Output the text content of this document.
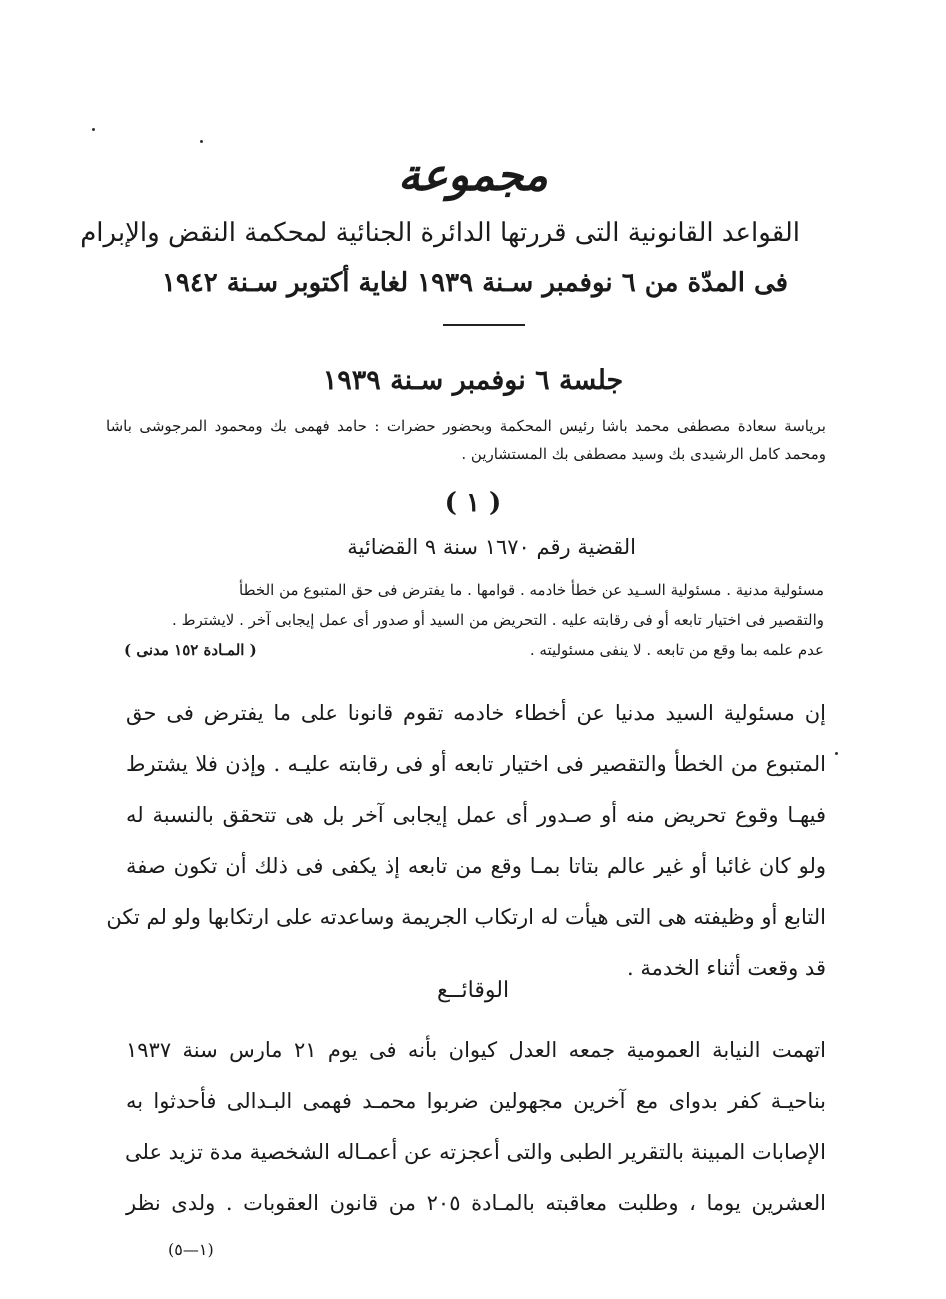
مجموعة
القواعد القانونية التى قررتها الدائرة الجنائية لمحكمة النقض والإبرام
فى المدّة من ٦ نوفمبر سـنة ١٩٣٩ لغاية أكتوبر سـنة ١٩٤٢
جلسة ٦ نوفمبر سـنة ١٩٣٩
برياسة سعادة مصطفى محمد باشا رئيس المحكمة وبحضور حضرات : حامد فهمى بك ومحمود المرجوشى باشا ومحمد كامل الرشيدى بك وسيد مصطفى بك المستشارين .
( ١ )
القضية رقم ١٦٧٠ سنة ٩ القضائية
مسئولية مدنية . مسئولية السـيد عن خطأ خادمه . قوامها . ما يفترض فى حق المتبوع من الخطأ
والتقصير فى اختيار تابعه أو فى رقابته عليه . التحريض من السيد أو صدور أى عمل إيجابى آخر . لايشترط .
عدم علمه بما وقع من تابعه . لا ينفى مسئوليته .
( المـادة ١٥٢ مدنى )
إن مسئولية السيد مدنيا عن أخطاء خادمه تقوم قانونا على ما يفترض فى حق
المتبوع من الخطأ والتقصير فى اختيار تابعه أو فى رقابته عليـه . وإذن فلا يشترط
فيهـا وقوع تحريض منه أو صـدور أى عمل إيجابى آخر بل هى تتحقق بالنسبة له
ولو كان غائبا أو غير عالم بتاتا بمـا وقع من تابعه إذ يكفى فى ذلك أن تكون صفة
التابع أو وظيفته هى التى هيأت له ارتكاب الجريمة وساعدته على ارتكابها ولو لم تكن
قد وقعت أثناء الخدمة .
الوقائــع
اتهمت النيابة العمومية جمعه العدل كيوان بأنه فى يوم ٢١ مارس سنة ١٩٣٧
بناحيـة كفر بدواى مع آخرين مجهولين ضربوا محمـد فهمى البـدالى فأحدثوا به
الإصابات المبينة بالتقرير الطبى والتى أعجزته عن أعمـاله الشخصية مدة تزيد على
العشرين يوما ، وطلبت معاقبته بالمـادة ٢٠٥ من قانون العقوبات . ولدى نظر
(١—٥)
